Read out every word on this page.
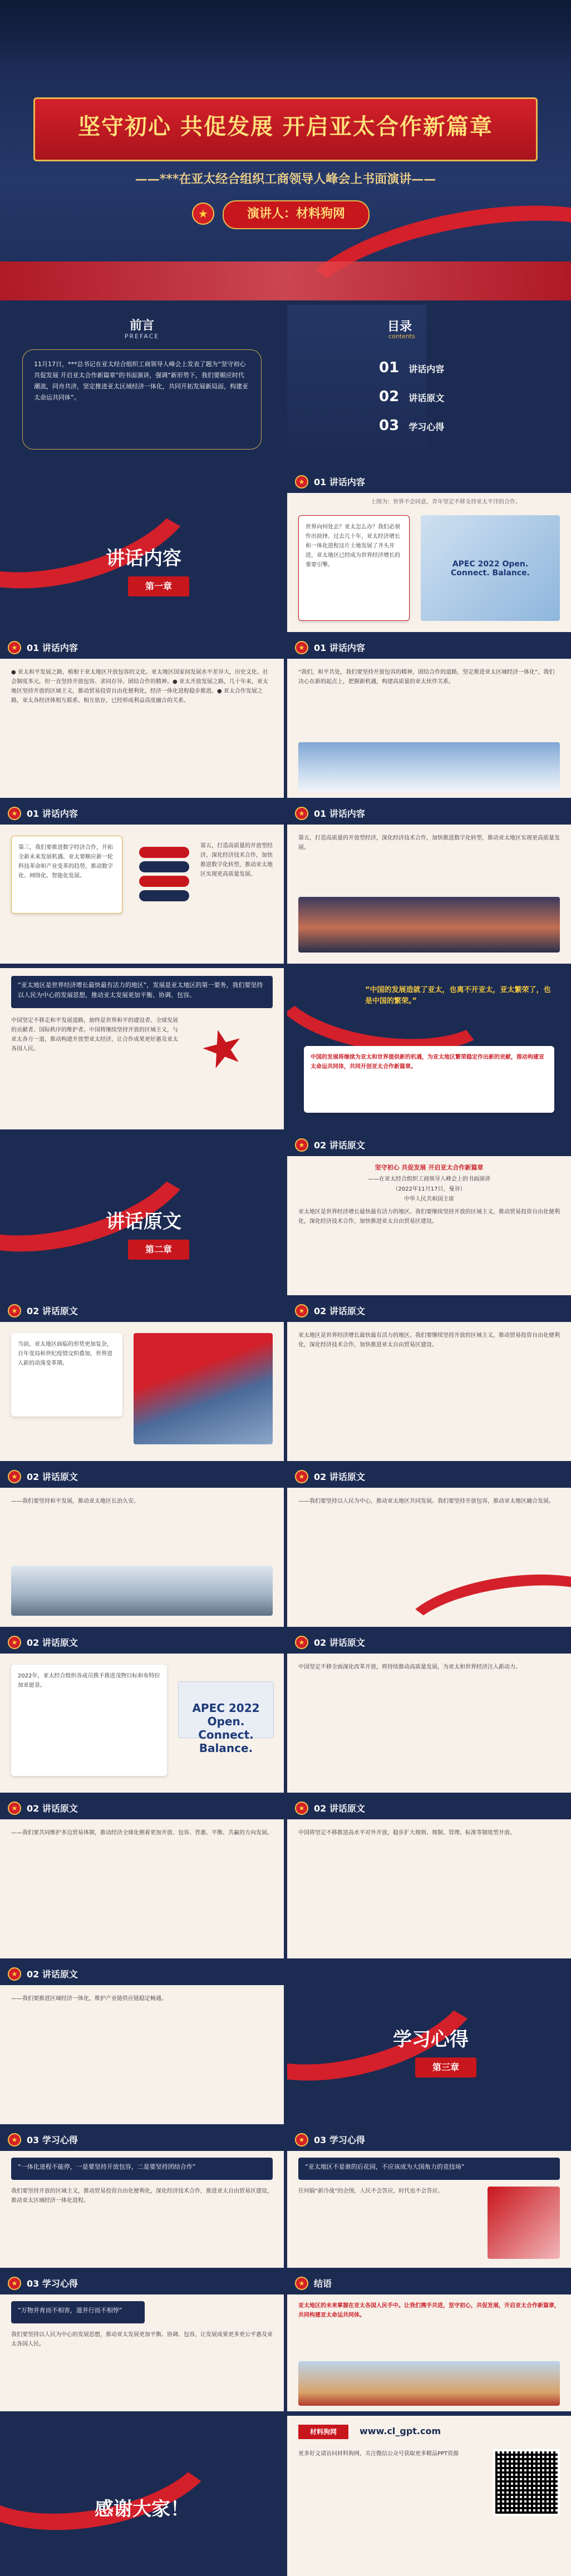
坚守初心 共促发展 开启亚太合作新篇章
——***在亚太经合组织工商领导人峰会上书面演讲——
演讲人：材料狗网
★
前言
PREFACE
11月17日，***总书记在亚太经合组织工商领导人峰会上发表了题为“坚守初心 共促发展 开启亚太合作新篇章”的书面演讲，强调“新形势下，我们要顺应时代潮流，同舟共济，坚定推进亚太区域经济一体化，共同开拓发展新局面，构建亚太命运共同体”。
目录
contents
01 讲话内容
02 讲话原文
03 学习心得
讲话内容
第一章
★	01 讲话内容
上图为：世界不会同意，青年坚定不移支持亚太平洋的合作。
世界向何处去？亚太怎么办？我们必须作出抉择。过去几十年，亚太经济增长和一体化进程这片土地发展了齐头并进，亚太地区已经成为世界经济增长的重要引擎。	APEC 2022 Open. Connect. Balance.
★	01 讲话内容
● 亚太和平发展之路，植根于亚太地区开放包容的文化。亚太地区国家间发展水平差异大，历史文化、社会制度多元，但一直坚持开放包容、求同存异、团结合作的精神。● 亚太开放发展之路，几十年来，亚太地区坚持开放的区域主义，推动贸易投资自由化便利化，经济一体化进程稳步推进。● 亚太合作发展之路，亚太各经济体相互联系、相互依存，已经形成利益高度融合的关系。
★	01 讲话内容
“我们，和平共处，我们要坚持开放包容的精神，团结合作的道路，坚定推进亚太区域经济一体化”，我们决心在新的起点上，把握新机遇，构建高质量的亚太伙伴关系。
★	01 讲话内容
第三，我们要推进数字经济合作，开拓全新未来发展机遇。亚太要顺应新一轮科技革命和产业变革的趋势，推动数字化、网络化、智能化发展。
第五，打造高质量的开放型经济，深化经济技术合作，加快推进数字化转型，推动亚太地区实现更高质量发展。
★	01 讲话内容
第五，打造高质量的开放型经济，深化经济技术合作，加快推进数字化转型，推动亚太地区实现更高质量发展。
“亚太地区是世界经济增长最快最有活力的地区”，发展是亚太地区的第一要务，我们要坚持以人民为中心的发展思想，推动亚太发展更加平衡、协调、包容。
中国坚定不移走和平发展道路，始终是世界和平的建设者、全球发展的贡献者、国际秩序的维护者。中国将继续坚持开放的区域主义，与亚太各方一道，推动构建开放型亚太经济，让合作成果更好惠及亚太各国人民。	★
“中国的发展造就了亚太，也离不开亚太，亚太繁荣了，也是中国的繁荣。”
中国的发展将继续为亚太和世界提供新的机遇，为亚太地区繁荣稳定作出新的贡献，推动构建亚太命运共同体，共同开创亚太合作新篇章。
讲话原文
第二章
★	02 讲话原文
坚守初心 共促发展 开启亚太合作新篇章
——在亚太经合组织工商领导人峰会上的书面演讲
（2022年11月17日，曼谷）
中华人民共和国主席
亚太地区是世界经济增长最快最有活力的地区。我们要继续坚持开放的区域主义，推动贸易投资自由化便利化，深化经济技术合作，加快推进亚太自由贸易区建设。
★	02 讲话原文
当前，亚太地区面临的形势更加复杂，百年变局和世纪疫情交织叠加，世界进入新的动荡变革期。
★	02 讲话原文
亚太地区是世界经济增长最快最有活力的地区。我们要继续坚持开放的区域主义，推动贸易投资自由化便利化，深化经济技术合作，加快推进亚太自由贸易区建设。
★	02 讲话原文
——我们要坚持和平发展，推动亚太地区长治久安。
★	02 讲话原文
——我们要坚持以人民为中心，推动亚太地区共同发展。我们要坚持开放包容，推动亚太地区融合发展。
★	02 讲话原文
2022年，亚太经合组织各成员携手推进茂物目标和布特拉加亚愿景。
APEC 2022 Open. Connect. Balance.
★	02 讲话原文
中国坚定不移全面深化改革开放，将持续推动高质量发展，为亚太和世界经济注入新动力。
★	02 讲话原文
——我们要共同维护多边贸易体制，推动经济全球化朝着更加开放、包容、普惠、平衡、共赢的方向发展。
★	02 讲话原文
中国将坚定不移推进高水平对外开放，稳步扩大规则、规制、管理、标准等制度型开放。
★	02 讲话原文
——我们要推进区域经济一体化，维护产业链供应链稳定畅通。
学习心得
第三章
★	03 学习心得
“一体化进程不能停，一是要坚持开放包容，二是要坚持团结合作”
我们要坚持开放的区域主义，推动贸易投资自由化便利化，深化经济技术合作，推进亚太自由贸易区建设，推动亚太区域经济一体化进程。
★	03 学习心得
“亚太地区不是谁的后花园，不应该成为大国角力的竞技场”
任何搞“新冷战”的企图，人民不会答应，时代也不会答应。
★	03 学习心得
“万物并育而不相害，道并行而不相悖”
我们要坚持以人民为中心的发展思想，推动亚太发展更加平衡、协调、包容，让发展成果更多更公平惠及亚太各国人民。
★	结语
亚太地区的未来掌握在亚太各国人民手中。让我们携手共进，坚守初心，共促发展，开启亚太合作新篇章，共同构建亚太命运共同体。
感谢大家！
材料狗网	www.cl_gpt.com
更多好文请访问材料狗网，关注微信公众号获取更多精品PPT资源
